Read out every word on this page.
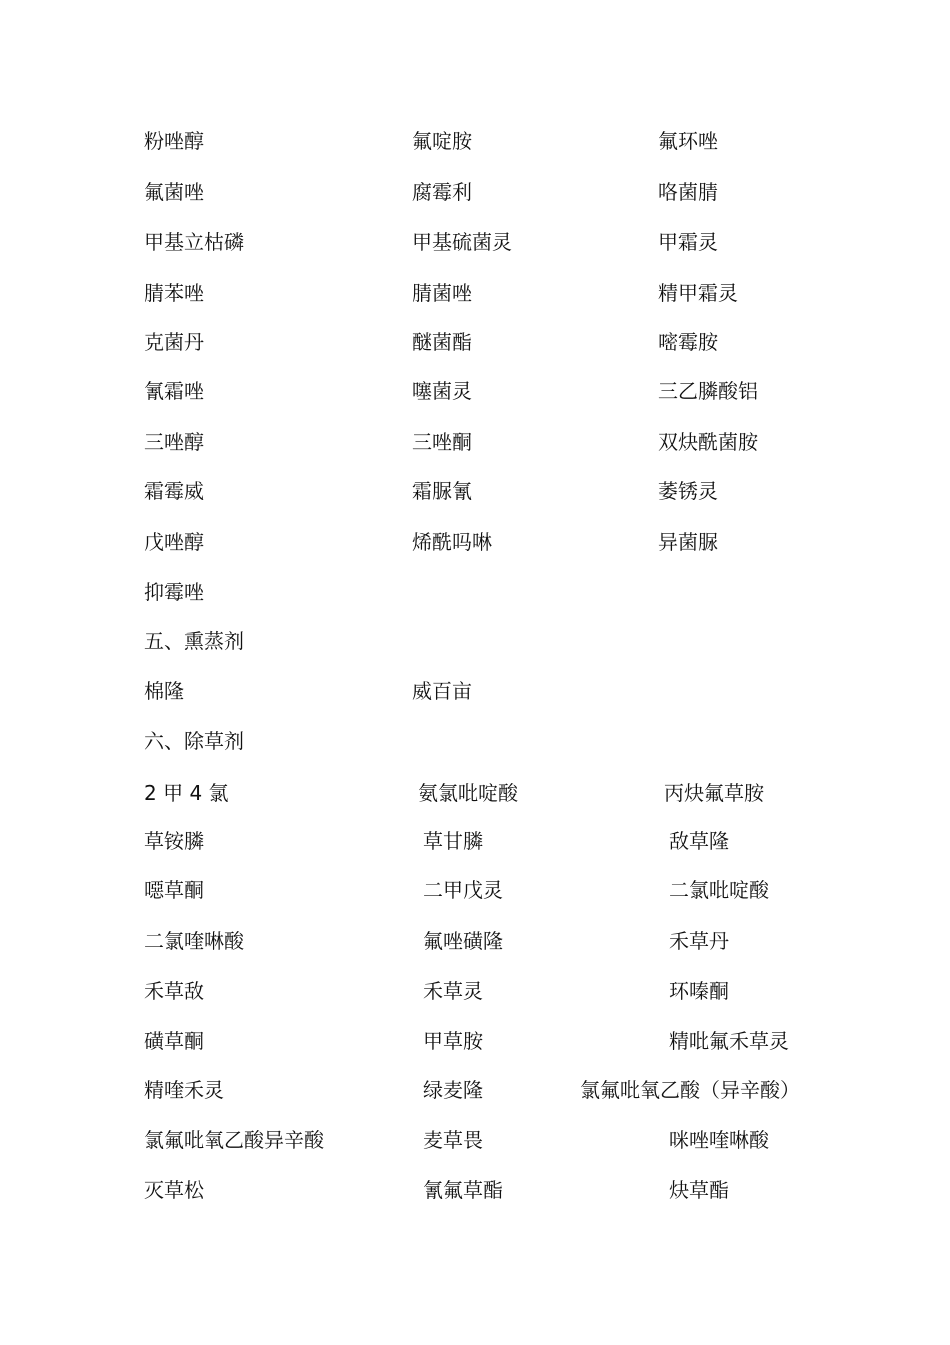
粉唑醇	氟啶胺	氟环唑
氟菌唑	腐霉利	咯菌腈
甲基立枯磷	甲基硫菌灵	甲霜灵
腈苯唑	腈菌唑	精甲霜灵
克菌丹	醚菌酯	嘧霉胺
氰霜唑	噻菌灵	三乙膦酸铝
三唑醇	三唑酮	双炔酰菌胺
霜霉威	霜脲氰	萎锈灵
戊唑醇	烯酰吗啉	异菌脲
抑霉唑
五、熏蒸剂
棉隆	威百亩
六、除草剂
2 甲 4 氯	氨氯吡啶酸	丙炔氟草胺
草铵膦	草甘膦	敌草隆
噁草酮	二甲戊灵	二氯吡啶酸
二氯喹啉酸	氟唑磺隆	禾草丹
禾草敌	禾草灵	环嗪酮
磺草酮	甲草胺	精吡氟禾草灵
精喹禾灵	绿麦隆	氯氟吡氧乙酸（异辛酸）
氯氟吡氧乙酸异辛酸	麦草畏	咪唑喹啉酸
灭草松	氰氟草酯	炔草酯
